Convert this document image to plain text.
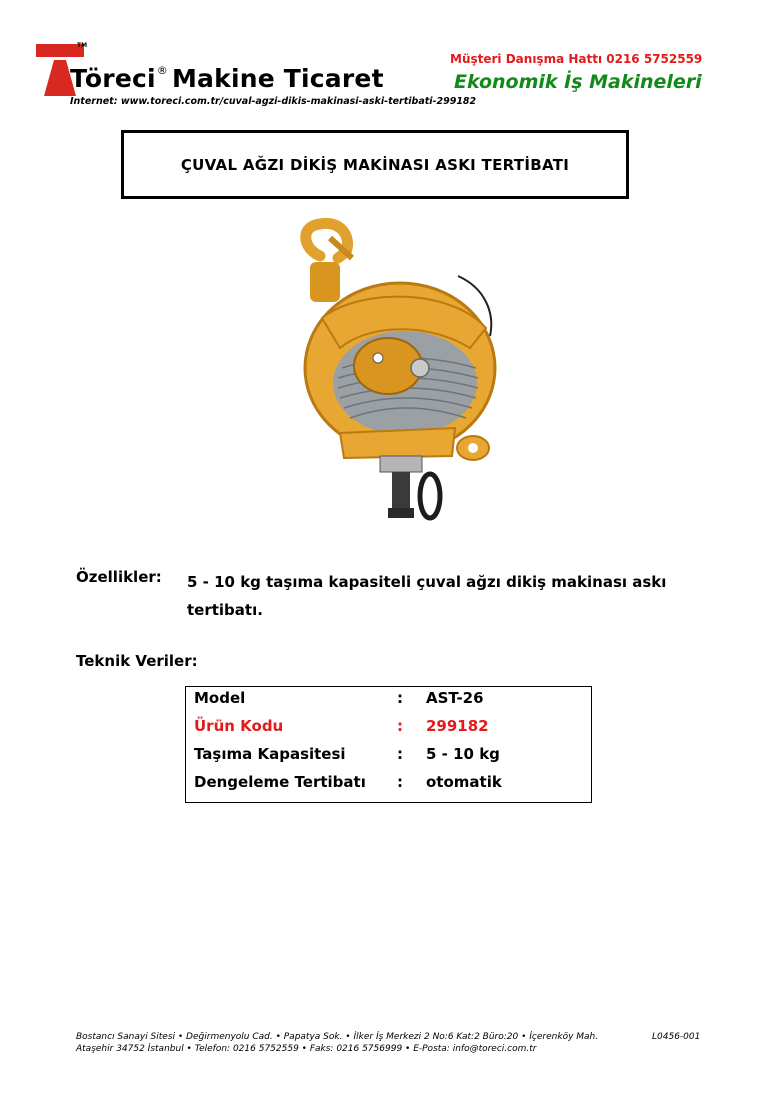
TM
Töreci® Makine Ticaret
Internet: www.toreci.com.tr/cuval-agzi-dikis-makinasi-aski-tertibati-299182
Müşteri Danışma Hattı 0216 5752559
Ekonomik İş Makineleri
ÇUVAL AĞZI DİKİŞ MAKİNASI ASKI TERTİBATI
Özellikler: 5 - 10 kg taşıma kapasiteli çuval ağzı dikiş makinası askı tertibatı.
Teknik Veriler:
Model	: AST-26
Ürün Kodu	: 299182
Taşıma Kapasitesi	: 5 - 10 kg
Dengeleme Tertibatı : otomatik
Bostancı Sanayi Sitesi • Değirmenyolu Cad. • Papatya Sok. • İlker İş Merkezi 2 No:6 Kat:2 Büro:20 • İçerenköy Mah.
Ataşehir 34752 İstanbul • Telefon: 0216 5752559 • Faks: 0216 5756999 • E-Posta: info@toreci.com.tr
L0456-001
